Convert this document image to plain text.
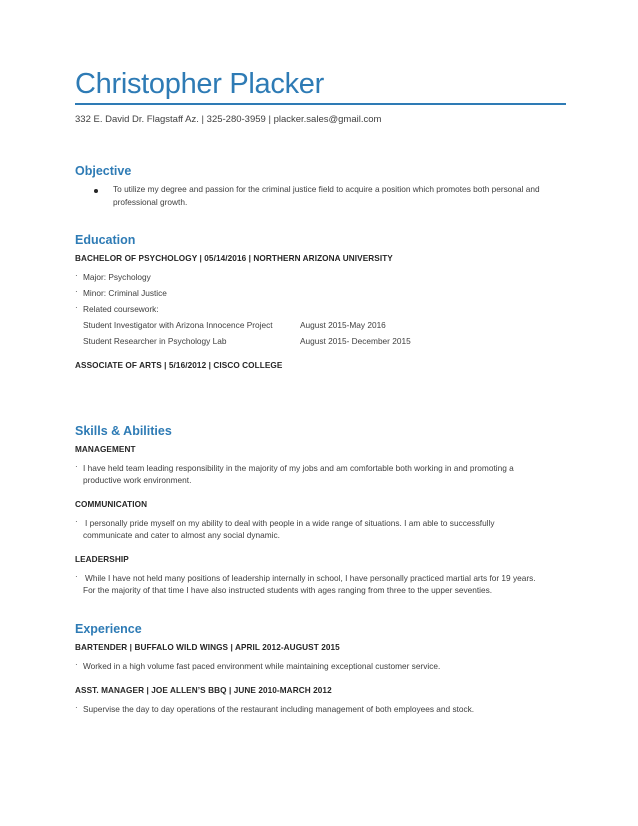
Christopher Placker
332 E. David Dr. Flagstaff Az. | 325-280-3959 | placker.sales@gmail.com
Objective
To utilize my degree and passion for the criminal justice field to acquire a position which promotes both personal and
professional growth.
Education
BACHELOR OF PSYCHOLOGY | 05/14/2016 | NORTHERN ARIZONA UNIVERSITY
· Major: Psychology
· Minor: Criminal Justice
· Related coursework:
Student Investigator with Arizona Innocence Project	August 2015-May 2016
Student Researcher in Psychology Lab	August 2015- December 2015
ASSOCIATE OF ARTS | 5/16/2012 | CISCO COLLEGE
Skills & Abilities
MANAGEMENT
· I have held team leading responsibility in the majority of my jobs and am comfortable both working in and promoting a
productive work environment.
COMMUNICATION
· I personally pride myself on my ability to deal with people in a wide range of situations. I am able to successfully
communicate and cater to almost any social dynamic.
LEADERSHIP
· While I have not held many positions of leadership internally in school, I have personally practiced martial arts for 19 years.
For the majority of that time I have also instructed students with ages ranging from three to the upper seventies.
Experience
BARTENDER | BUFFALO WILD WINGS | APRIL 2012-AUGUST 2015
· Worked in a high volume fast paced environment while maintaining exceptional customer service.
ASST. MANAGER | JOE ALLEN’S BBQ | JUNE 2010-MARCH 2012
· Supervise the day to day operations of the restaurant including management of both employees and stock.
